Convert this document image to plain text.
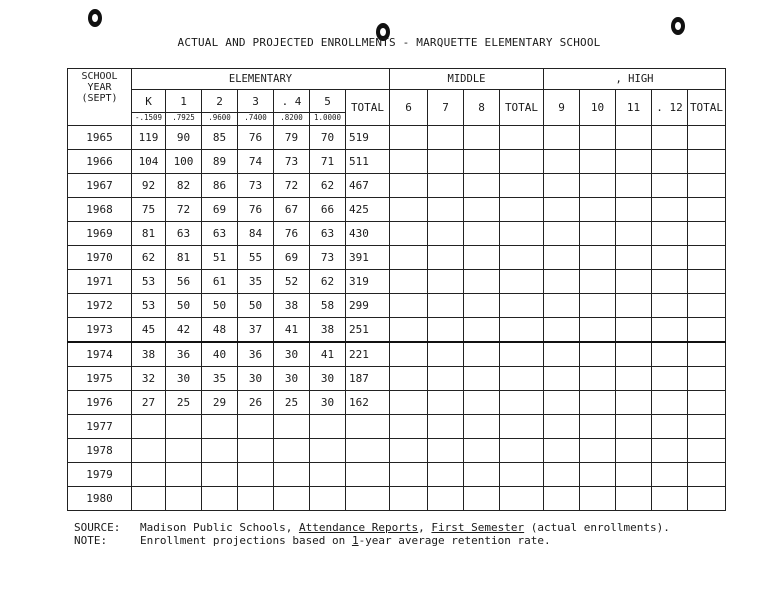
ACTUAL AND PROJECTED ENROLLMENTS - MARQUETTE ELEMENTARY SCHOOL
SCHOOL YEAR (SEPT)	ELEMENTARY							MIDDLE				, HIGH				
	K	1	2	3	. 4	5	TOTAL	6	7	8	TOTAL	9	10	11	. 12	TOTAL
	-.1509	.7925	.9600	.7400	.8200	1.0000										
1965	119	90	85	76	79	70	519									
1966	104	100	89	74	73	71	511									
1967	92	82	86	73	72	62	467									
1968	75	72	69	76	67	66	425									
1969	81	63	63	84	76	63	430									
1970	62	81	51	55	69	73	391									
1971	53	56	61	35	52	62	319									
1972	53	50	50	50	38	58	299									
1973	45	42	48	37	41	38	251									
1974	38	36	40	36	30	41	221									
1975	32	30	35	30	30	30	187									
1976	27	25	29	26	25	30	162									
1977																
1978																
1979																
1980																
SOURCE:	Madison Public Schools, Attendance Reports, First Semester (actual enrollments).
NOTE:	Enrollment projections based on 1-year average retention rate.
